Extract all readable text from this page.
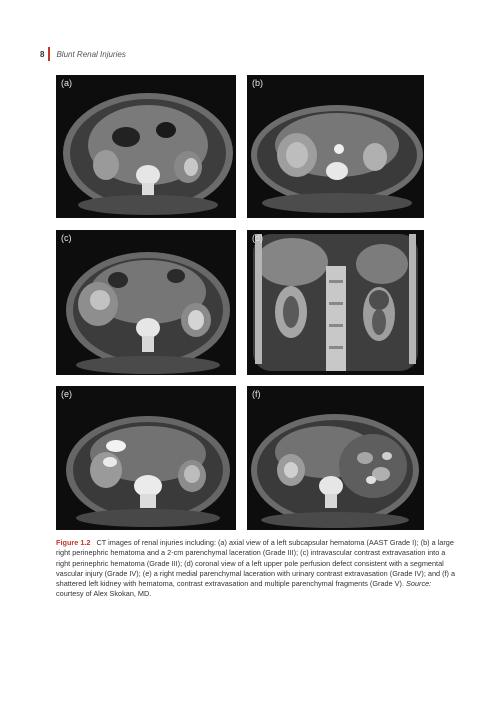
8 Blunt Renal Injuries
(a)	(b)
(c)	(d)
(e)	(f)
Figure 1.2 CT images of renal injuries including: (a) axial view of a left subcapsular hematoma (AAST Grade I); (b) a large right perinephric hematoma and a 2-cm parenchymal laceration (Grade III); (c) intravascular contrast extravasation into a right perinephric hematoma (Grade III); (d) coronal view of a left upper pole perfusion defect consistent with a segmental vascular injury (Grade IV); (e) a right medial parenchymal laceration with urinary contrast extravasation (Grade IV); and (f) a shattered left kidney with hematoma, contrast extravasation and multiple parenchymal fragments (Grade V). Source: courtesy of Alex Skokan, MD.
